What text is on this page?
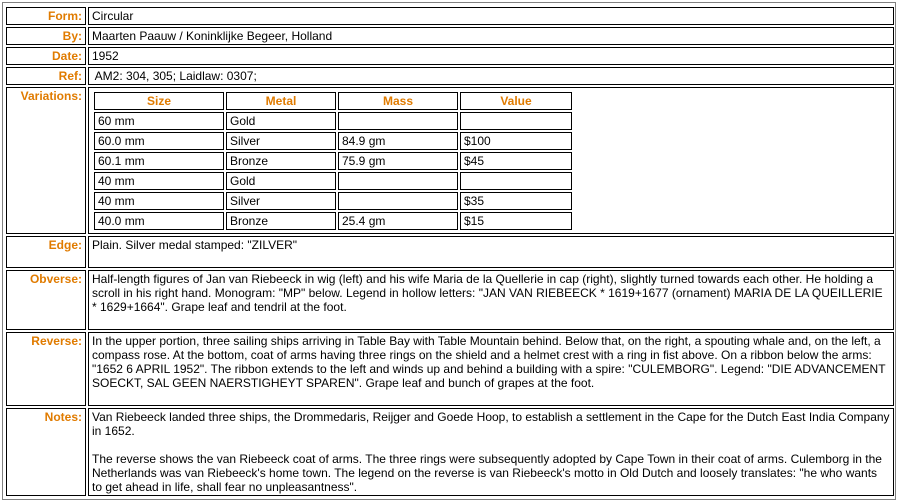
Form:	Circular
By:	Maarten Paauw / Koninklijke Begeer, Holland
Date:	1952
Ref:	AM2: 304, 305; Laidlaw: 0307;
Variations:		Size	Metal	Mass	Value
60 mm	Gold		
60.0 mm	Silver	84.9 gm	$100
60.1 mm	Bronze	75.9 gm	$45
40 mm	Gold		
40 mm	Silver		$35
40.0 mm	Bronze	25.4 gm	$15

Edge:	Plain. Silver medal stamped: "ZILVER"

Obverse:	Half-length figures of Jan van Riebeeck in wig (left) and his wife Maria de la Quellerie in cap (right), slightly turned towards each other. He holding a scroll in his right hand. Monogram: "MP" below. Legend in hollow letters: "JAN VAN RIEBEECK * 1619+1677 (ornament) MARIA DE LA QUEILLERIE * 1629+1664". Grape leaf and tendril at the foot.

Reverse:	In the upper portion, three sailing ships arriving in Table Bay with Table Mountain behind. Below that, on the right, a spouting whale and, on the left, a compass rose. At the bottom, coat of arms having three rings on the shield and a helmet crest with a ring in fist above. On a ribbon below the arms: "1652 6 APRIL 1952". The ribbon extends to the left and winds up and behind a building with a spire: "CULEMBORG". Legend: "DIE ADVANCEMENT SOECKT, SAL GEEN NAERSTIGHEYT SPAREN". Grape leaf and bunch of grapes at the foot.

Notes:	Van Riebeeck landed three ships, the Drommedaris, Reijger and Goede Hoop, to establish a settlement in the Cape for the Dutch East India Company in 1652.
The reverse shows the van Riebeeck coat of arms. The three rings were subsequently adopted by Cape Town in their coat of arms. Culemborg in the Netherlands was van Riebeeck's home town. The legend on the reverse is van Riebeeck's motto in Old Dutch and loosely translates: "he who wants to get ahead in life, shall fear no unpleasantness".
